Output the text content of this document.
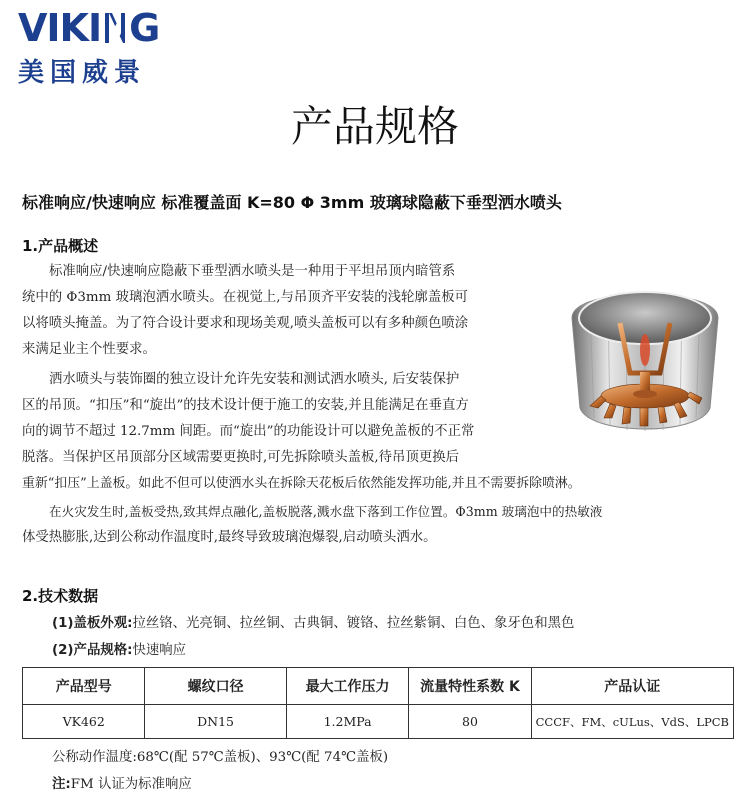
VIKI G
美国威景
产品规格
标准响应/快速响应 标准覆盖面 K=80 Φ 3mm 玻璃球隐蔽下垂型洒水喷头
1.产品概述

标准响应/快速响应隐蔽下垂型洒水喷头是一种用于平坦吊顶内暗管系

统中的 Φ3mm 玻璃泡洒水喷头。在视觉上,与吊顶齐平安装的浅轮廓盖板可

以将喷头掩盖。为了符合设计要求和现场美观,喷头盖板可以有多种颜色喷涂

来满足业主个性要求。

洒水喷头与装饰圈的独立设计允许先安装和测试洒水喷头, 后安装保护

区的吊顶。“扣压”和“旋出”的技术设计便于施工的安装,并且能满足在垂直方

向的调节不超过 12.7mm 间距。而“旋出”的功能设计可以避免盖板的不正常

脱落。当保护区吊顶部分区域需要更换时,可先拆除喷头盖板,待吊顶更换后

重新“扣压”上盖板。如此不但可以使洒水头在拆除天花板后依然能发挥功能,并且不需要拆除喷淋。

在火灾发生时,盖板受热,致其焊点融化,盖板脱落,溅水盘下落到工作位置。Φ3mm 玻璃泡中的热敏液

体受热膨胀,达到公称动作温度时,最终导致玻璃泡爆裂,启动喷头洒水。

2.技术数据
(1)盖板外观:拉丝铬、光亮铜、拉丝铜、古典铜、镀铬、拉丝紫铜、白色、象牙色和黑色
(2)产品规格:快速响应
产品型号	螺纹口径	最大工作压力	流量特性系数 K	产品认证
VK462	DN15	1.2MPa	80	CCCF、FM、cULus、VdS、LPCB
公称动作温度:68℃(配 57℃盖板)、93℃(配 74℃盖板)
注:FM 认证为标准响应
